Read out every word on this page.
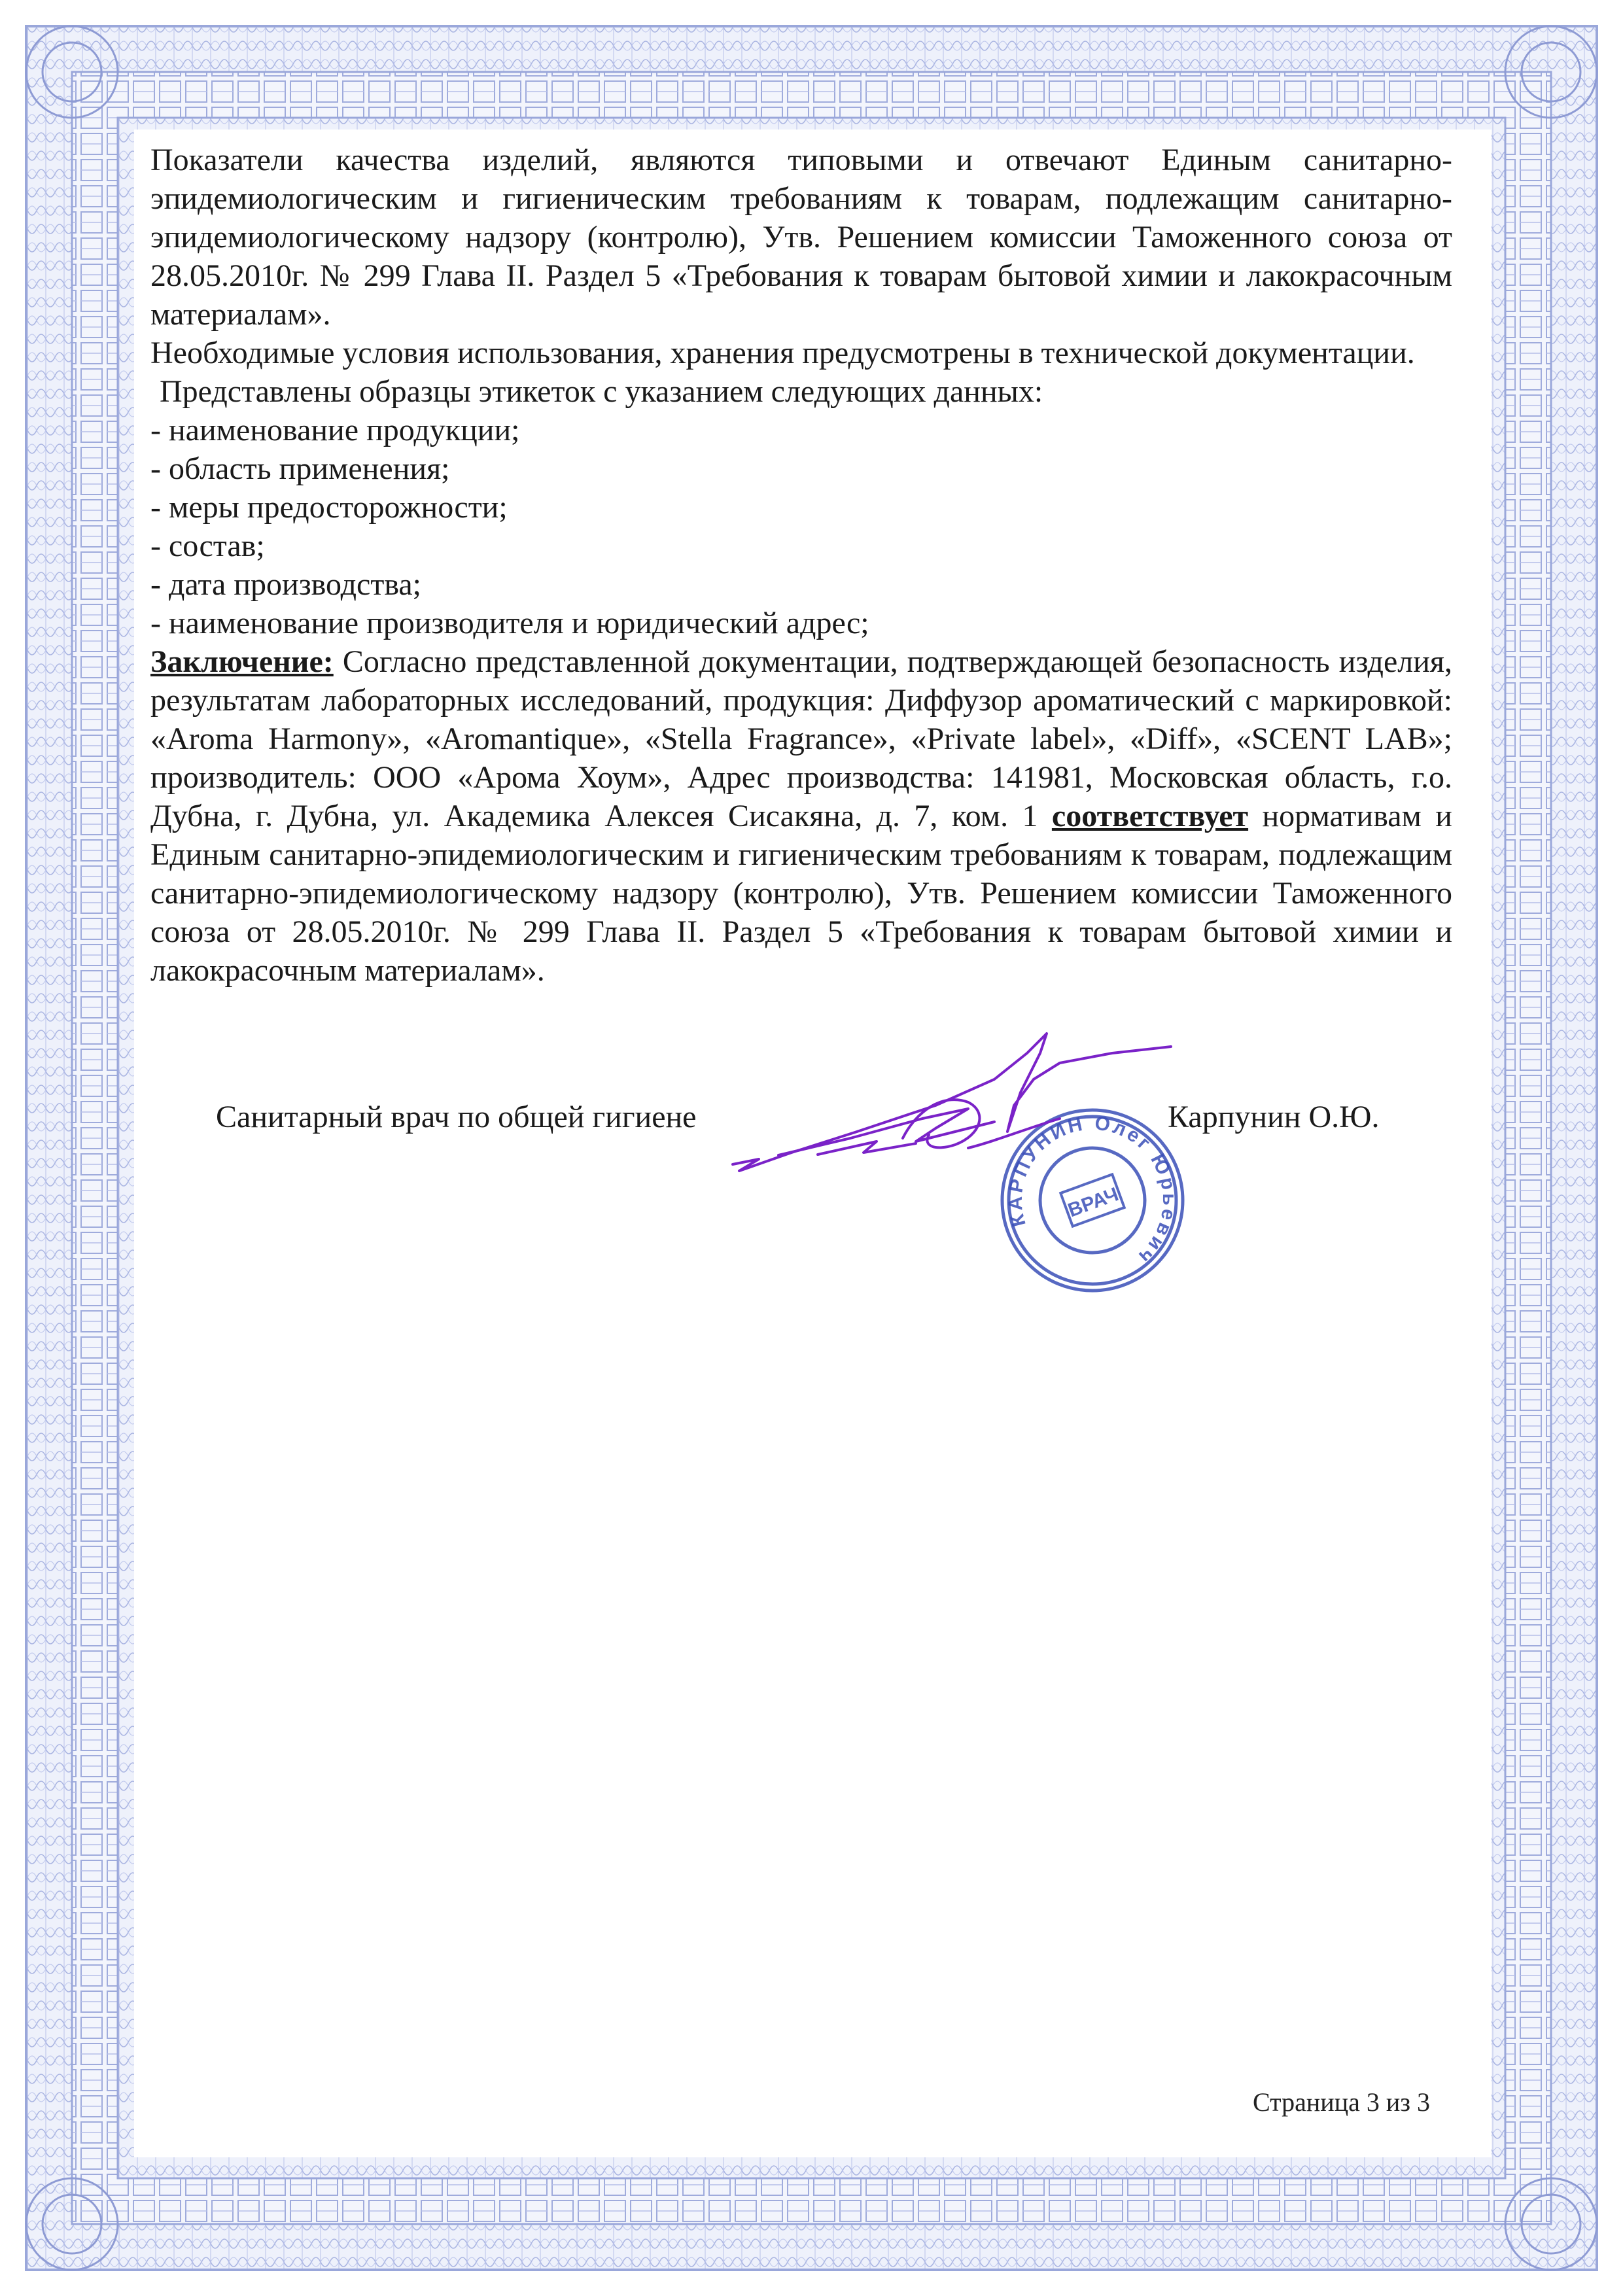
Показатели качества изделий, являются типовыми и отвечают Единым санитарно-эпидемиологическим и гигиеническим требованиям к товарам, подлежащим санитарно-эпидемиологическому надзору (контролю), Утв. Решением комиссии Таможенного союза от 28.05.2010г. № 299 Глава II. Раздел 5 «Требования к товарам бытовой химии и лакокрасочным материалам».

Необходимые условия использования, хранения предусмотрены в технической документации.

Представлены образцы этикеток с указанием следующих данных:

- наименование продукции;
- область применения;
- меры предосторожности;
- состав;
- дата производства;
- наименование производителя и юридический адрес;

Заключение: Согласно представленной документации, подтверждающей безопасность изделия, результатам лабораторных исследований, продукция: Диффузор ароматический с маркировкой: «Aroma Harmony», «Aromantique», «Stella Fragrance», «Private label», «Diff», «SCENT LAB»; производитель: ООО «Арома Хоум», Адрес производства: 141981, Московская область, г.о. Дубна, г. Дубна, ул. Академика Алексея Сисакяна, д. 7, ком. 1 соответствует нормативам и Единым санитарно-эпидемиологическим и гигиеническим требованиям к товарам, подлежащим санитарно-эпидемиологическому надзору (контролю), Утв. Решением комиссии Таможенного союза от 28.05.2010г. № 299 Глава II. Раздел 5 «Требования к товарам бытовой химии и лакокрасочным материалам».

Санитарный врач по общей гигиене
ВРАЧ
КАРПУНИН Олег Юрьевич
Карпунин О.Ю.
Страница 3 из 3
